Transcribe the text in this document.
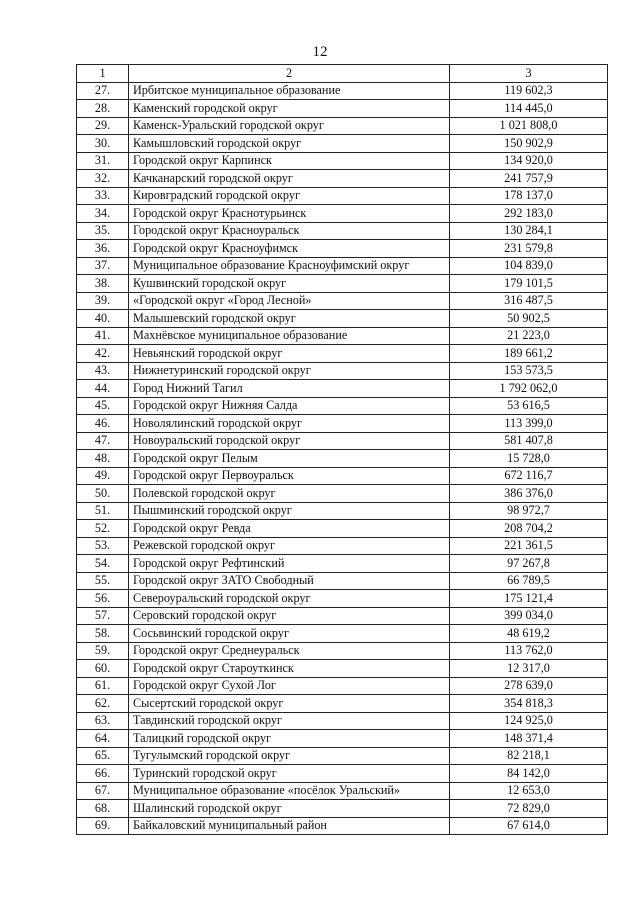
12
1	2	3
27.	Ирбитское муниципальное образование	119 602,3
28.	Каменский городской округ	114 445,0
29.	Каменск-Уральский городской округ	1 021 808,0
30.	Камышловский городской округ	150 902,9
31.	Городской округ Карпинск	134 920,0
32.	Качканарский городской округ	241 757,9
33.	Кировградский городской округ	178 137,0
34.	Городской округ Краснотурьинск	292 183,0
35.	Городской округ Красноуральск	130 284,1
36.	Городской округ Красноуфимск	231 579,8
37.	Муниципальное образование Красноуфимский округ	104 839,0
38.	Кушвинский городской округ	179 101,5
39.	«Городской округ «Город Лесной»	316 487,5
40.	Малышевский городской округ	50 902,5
41.	Махнёвское муниципальное образование	21 223,0
42.	Невьянский городской округ	189 661,2
43.	Нижнетуринский городской округ	153 573,5
44.	Город Нижний Тагил	1 792 062,0
45.	Городской округ Нижняя Салда	53 616,5
46.	Новолялинский городской округ	113 399,0
47.	Новоуральский городской округ	581 407,8
48.	Городской округ Пелым	15 728,0
49.	Городской округ Первоуральск	672 116,7
50.	Полевской городской округ	386 376,0
51.	Пышминский городской округ	98 972,7
52.	Городской округ Ревда	208 704,2
53.	Режевской городской округ	221 361,5
54.	Городской округ Рефтинский	97 267,8
55.	Городской округ ЗАТО Свободный	66 789,5
56.	Североуральский городской округ	175 121,4
57.	Серовский городской округ	399 034,0
58.	Сосьвинский городской округ	48 619,2
59.	Городской округ Среднеуральск	113 762,0
60.	Городской округ Староуткинск	12 317,0
61.	Городской округ Сухой Лог	278 639,0
62.	Сысертский городской округ	354 818,3
63.	Тавдинский городской округ	124 925,0
64.	Талицкий городской округ	148 371,4
65.	Тугулымский городской округ	82 218,1
66.	Туринский городской округ	84 142,0
67.	Муниципальное образование «посёлок Уральский»	12 653,0
68.	Шалинский городской округ	72 829,0
69.	Байкаловский муниципальный район	67 614,0
